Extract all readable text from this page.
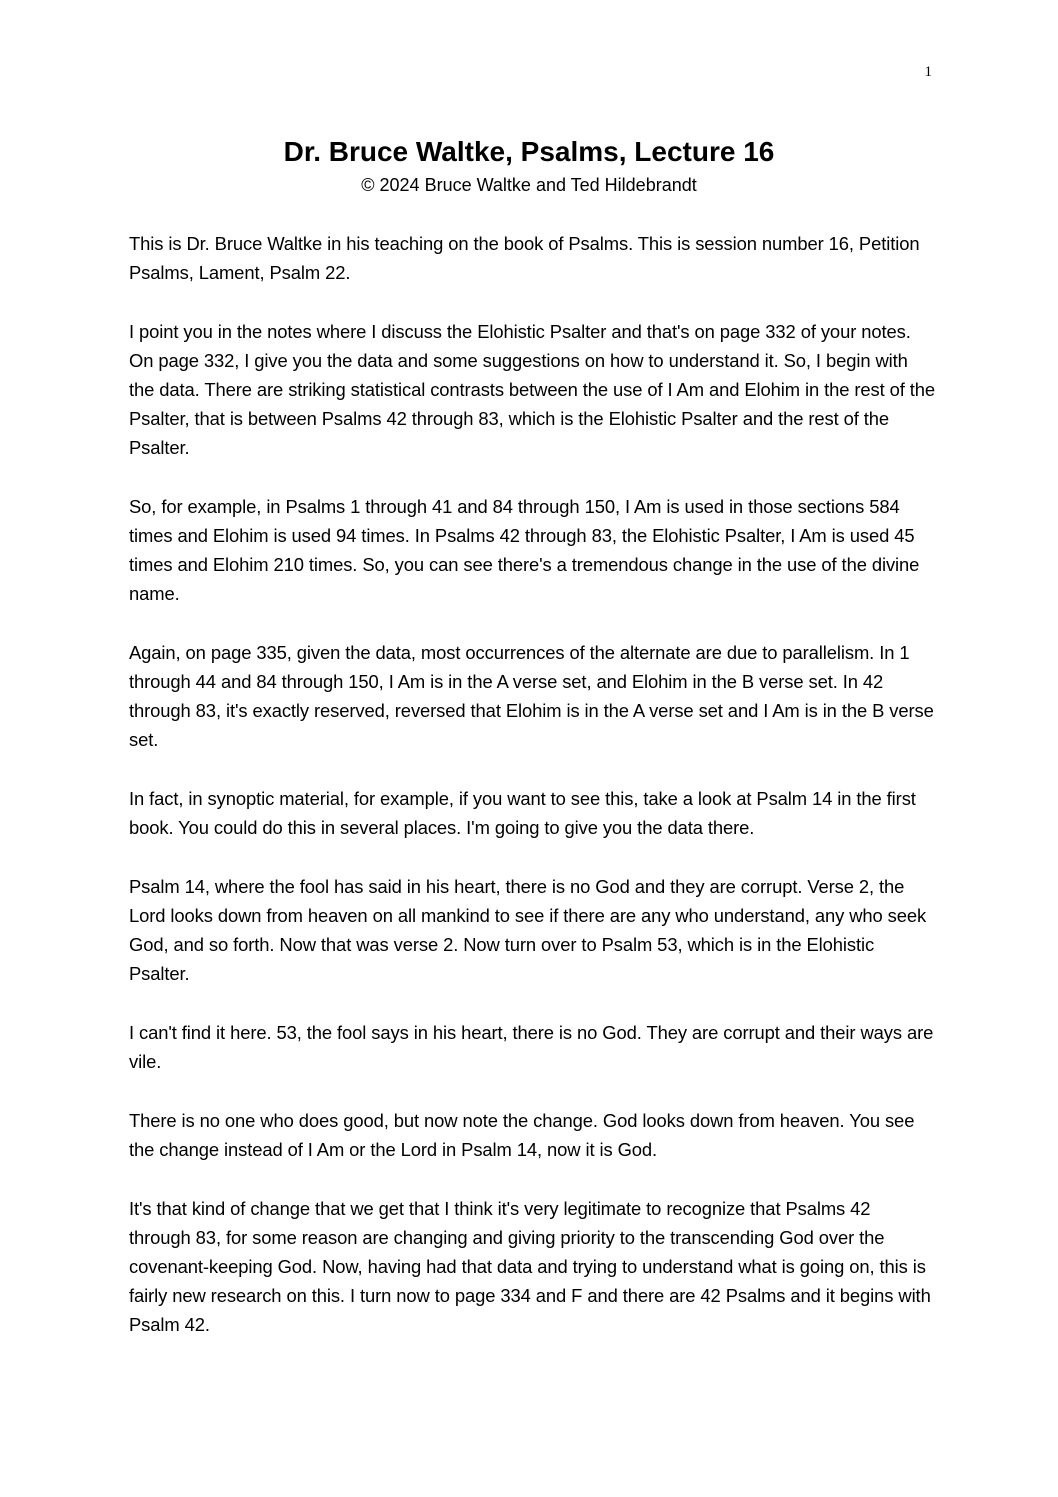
1
Dr. Bruce Waltke, Psalms, Lecture 16
© 2024 Bruce Waltke and Ted Hildebrandt

This is Dr. Bruce Waltke in his teaching on the book of Psalms. This is session number 16, Petition Psalms, Lament, Psalm 22.

I point you in the notes where I discuss the Elohistic Psalter and that's on page 332 of your notes. On page 332, I give you the data and some suggestions on how to understand it. So, I begin with the data. There are striking statistical contrasts between the use of I Am and Elohim in the rest of the Psalter, that is between Psalms 42 through 83, which is the Elohistic Psalter and the rest of the Psalter.

So, for example, in Psalms 1 through 41 and 84 through 150, I Am is used in those sections 584 times and Elohim is used 94 times. In Psalms 42 through 83, the Elohistic Psalter, I Am is used 45 times and Elohim 210 times. So, you can see there's a tremendous change in the use of the divine name.

Again, on page 335, given the data, most occurrences of the alternate are due to parallelism. In 1 through 44 and 84 through 150, I Am is in the A verse set, and Elohim in the B verse set. In 42 through 83, it's exactly reserved, reversed that Elohim is in the A verse set and I Am is in the B verse set.

In fact, in synoptic material, for example, if you want to see this, take a look at Psalm 14 in the first book. You could do this in several places. I'm going to give you the data there.

Psalm 14, where the fool has said in his heart, there is no God and they are corrupt. Verse 2, the Lord looks down from heaven on all mankind to see if there are any who understand, any who seek God, and so forth. Now that was verse 2. Now turn over to Psalm 53, which is in the Elohistic Psalter.

I can't find it here. 53, the fool says in his heart, there is no God. They are corrupt and their ways are vile.

There is no one who does good, but now note the change. God looks down from heaven. You see the change instead of I Am or the Lord in Psalm 14, now it is God.

It's that kind of change that we get that I think it's very legitimate to recognize that Psalms 42 through 83, for some reason are changing and giving priority to the transcending God over the covenant-keeping God. Now, having had that data and trying to understand what is going on, this is fairly new research on this. I turn now to page 334 and F and there are 42 Psalms and it begins with Psalm 42.
